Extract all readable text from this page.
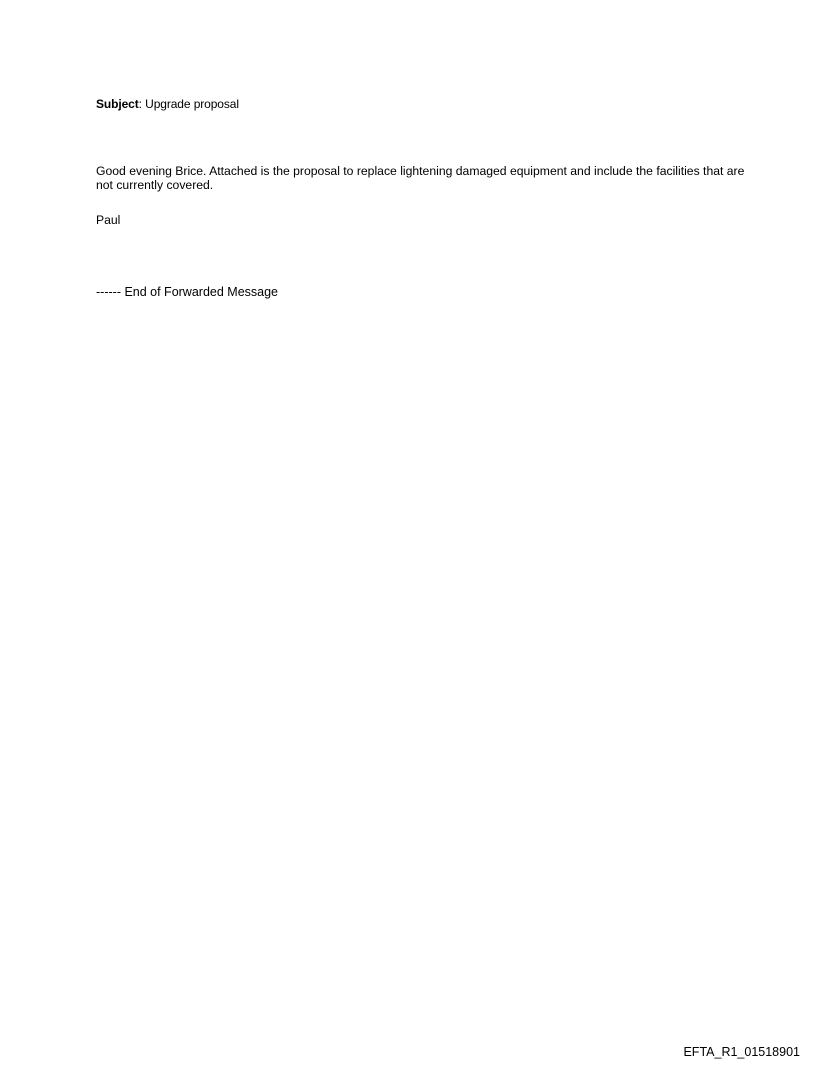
Subject: Upgrade proposal
Good evening Brice. Attached is the proposal to replace lightening damaged equipment and include the facilities that are not currently covered.
Paul
------ End of Forwarded Message
EFTA_R1_01518901
